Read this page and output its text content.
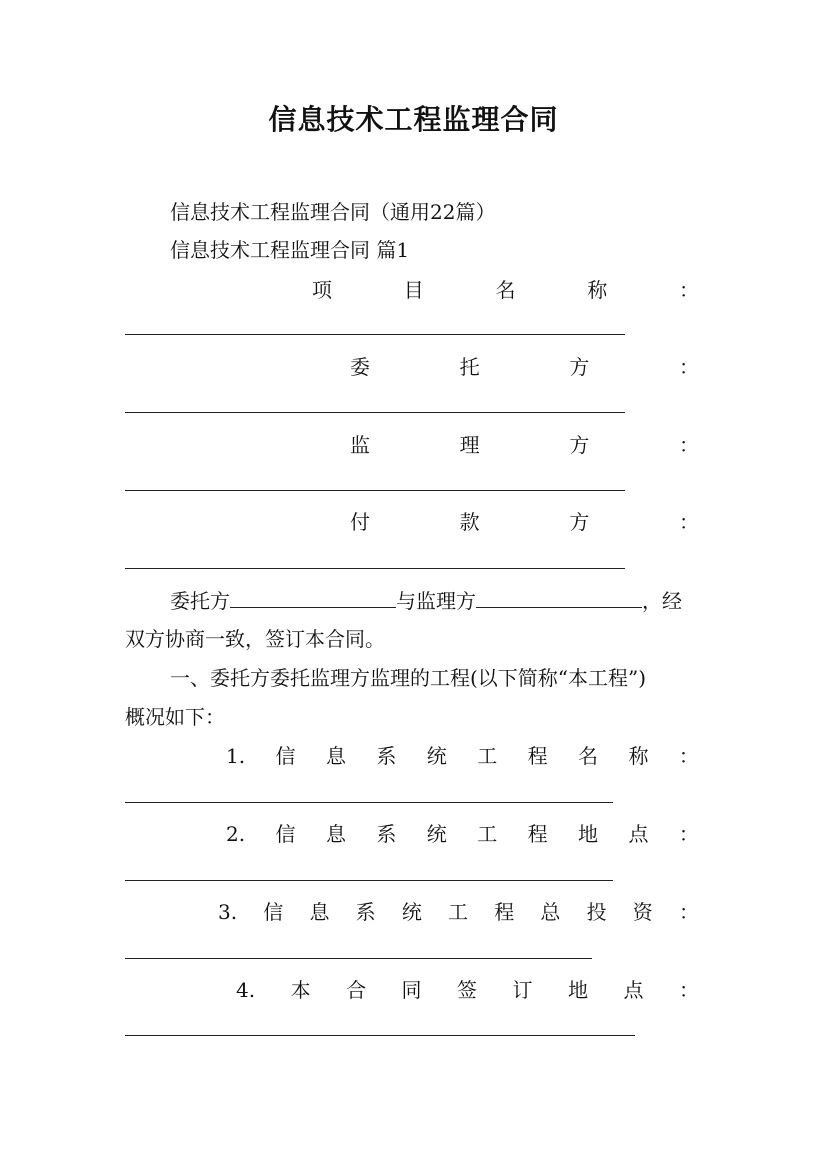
信息技术工程监理合同
信息技术工程监理合同（通用22篇）
信息技术工程监理合同 篇1
项	目	名	称	：
委	托	方	：
监	理	方	：
付	款	方	：
委托方	与监理方	，经
双方协商一致，签订本合同。
一、委托方委托监理方监理的工程(以下简称“本工程”)
概况如下：
1. 信 息 系 统 工 程 名 称 ：
2. 信 息 系 统 工 程 地 点 ：
3. 信 息 系 统 工 程 总 投 资 ：
4. 本 合 同 签 订 地 点 ：
